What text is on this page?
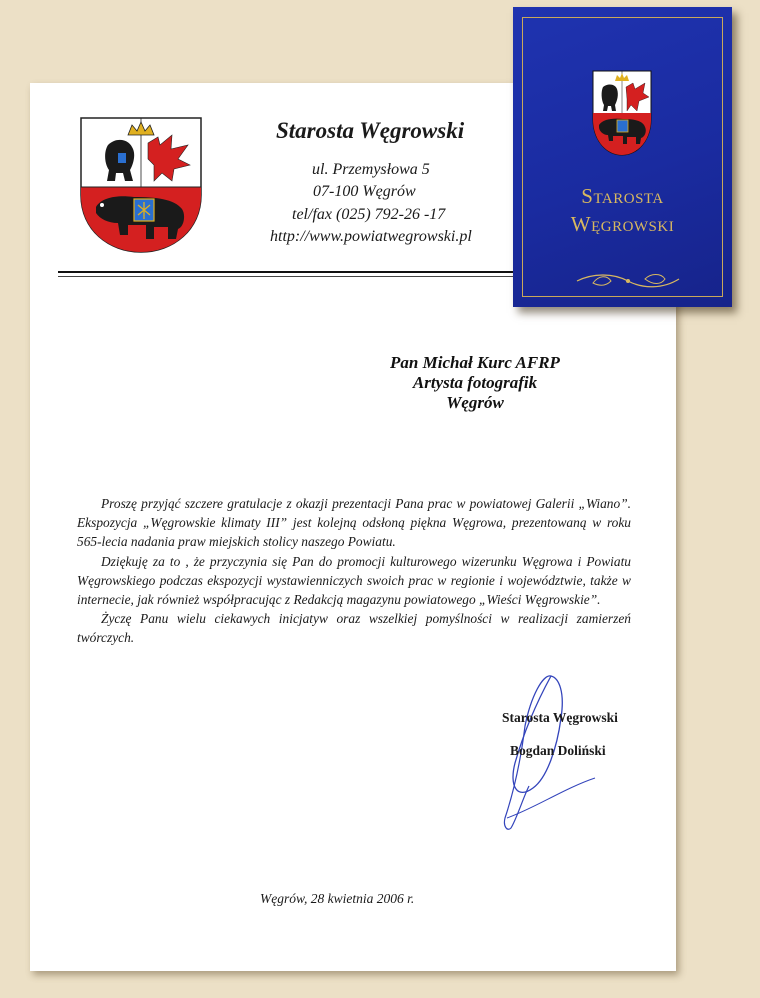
Starosta Węgrowski
ul. Przemysłowa 5
07-100 Węgrów
tel/fax (025) 792-26 -17
http://www.powiatwegrowski.pl
Pan Michał Kurc AFRP
Artysta fotografik
Węgrów

Proszę przyjąć szczere gratulacje z okazji prezentacji Pana prac w powiatowej Galerii „Wiano”. Ekspozycja „Węgrowskie klimaty III” jest kolejną odsłoną piękna Węgrowa, prezentowaną w roku 565-lecia nadania praw miejskich stolicy naszego Powiatu.

Dziękuję za to , że przyczynia się Pan do promocji kulturowego wizerunku Węgrowa i Powiatu Węgrowskiego podczas ekspozycji wystawienniczych swoich prac w regionie i województwie, także w internecie, jak również współpracując z Redakcją magazynu powiatowego „Wieści Węgrowskie”.

Życzę Panu wielu ciekawych inicjatyw oraz wszelkiej pomyślności w realizacji zamierzeń twórczych.

Starosta Węgrowski
Bogdan Doliński
Węgrów, 28 kwietnia 2006 r.
Starosta
Węgrowski
